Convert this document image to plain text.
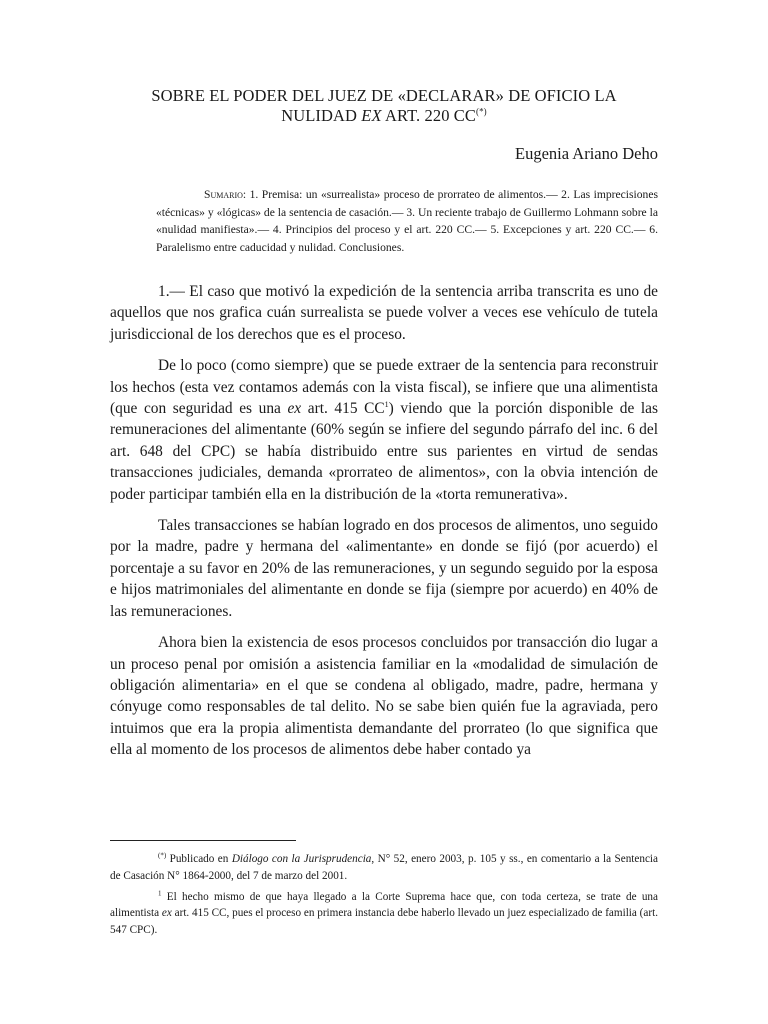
SOBRE EL PODER DEL JUEZ DE «DECLARAR» DE OFICIO LA
NULIDAD EX ART. 220 CC(*)
Eugenia Ariano Deho
Sumario: 1. Premisa: un «surrealista» proceso de prorrateo de alimentos.— 2. Las imprecisiones «técnicas» y «lógicas» de la sentencia de casación.— 3. Un reciente trabajo de Guillermo Lohmann sobre la «nulidad manifiesta».— 4. Principios del proceso y el art. 220 CC.— 5. Excepciones y art. 220 CC.— 6. Paralelismo entre caducidad y nulidad. Conclusiones.

1.— El caso que motivó la expedición de la sentencia arriba transcrita es uno de aquellos que nos grafica cuán surrealista se puede volver a veces ese vehículo de tutela jurisdiccional de los derechos que es el proceso.

De lo poco (como siempre) que se puede extraer de la sentencia para reconstruir los hechos (esta vez contamos además con la vista fiscal), se infiere que una alimentista (que con seguridad es una ex art. 415 $CC^1$) viendo que la porción disponible de las remuneraciones del alimentante (60% según se infiere del segundo párrafo del inc. 6 del art. 648 del CPC) se había distribuido entre sus parientes en virtud de sendas transacciones judiciales, demanda «prorrateo de alimentos», con la obvia intención de poder participar también ella en la distribución de la «torta remunerativa».

Tales transacciones se habían logrado en dos procesos de alimentos, uno seguido por la madre, padre y hermana del «alimentante» en donde se fijó (por acuerdo) el porcentaje a su favor en 20% de las remuneraciones, y un segundo seguido por la esposa e hijos matrimoniales del alimentante en donde se fija (siempre por acuerdo) en 40% de las remuneraciones.

Ahora bien la existencia de esos procesos concluidos por transacción dio lugar a un proceso penal por omisión a asistencia familiar en la «modalidad de simulación de obligación alimentaria» en el que se condena al obligado, madre, padre, hermana y cónyuge como responsables de tal delito. No se sabe bien quién fue la agraviada, pero intuimos que era la propia alimentista demandante del prorrateo (lo que significa que ella al momento de los procesos de alimentos debe haber contado ya

(*) Publicado en Diálogo con la Jurisprudencia, N° 52, enero 2003, p. 105 y ss., en comentario a la Sentencia de Casación N° 1864-2000, del 7 de marzo del 2001.

$^1$ El hecho mismo de que haya llegado a la Corte Suprema hace que, con toda certeza, se trate de una alimentista ex art. 415 CC, pues el proceso en primera instancia debe haberlo llevado un juez especializado de familia (art. 547 CPC).
